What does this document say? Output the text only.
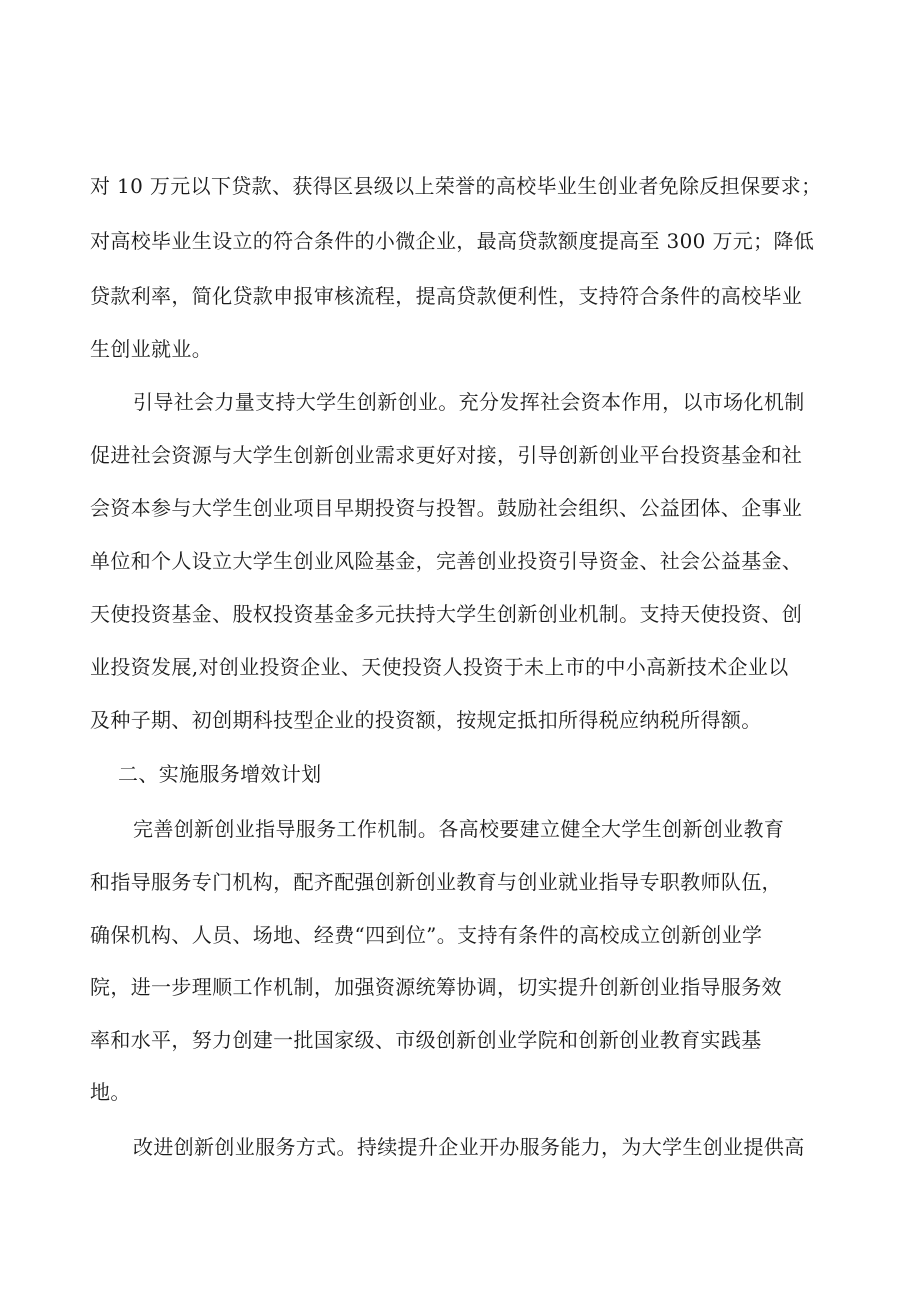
对 10 万元以下贷款、获得区县级以上荣誉的高校毕业生创业者免除反担保要求；
对高校毕业生设立的符合条件的小微企业，最高贷款额度提高至 300 万元；降低
贷款利率，简化贷款申报审核流程，提高贷款便利性，支持符合条件的高校毕业
生创业就业。
引导社会力量支持大学生创新创业。充分发挥社会资本作用，以市场化机制
促进社会资源与大学生创新创业需求更好对接，引导创新创业平台投资基金和社
会资本参与大学生创业项目早期投资与投智。鼓励社会组织、公益团体、企事业
单位和个人设立大学生创业风险基金，完善创业投资引导资金、社会公益基金、
天使投资基金、股权投资基金多元扶持大学生创新创业机制。支持天使投资、创
业投资发展,对创业投资企业、天使投资人投资于未上市的中小高新技术企业以
及种子期、初创期科技型企业的投资额，按规定抵扣所得税应纳税所得额。
二、实施服务增效计划
完善创新创业指导服务工作机制。各高校要建立健全大学生创新创业教育
和指导服务专门机构，配齐配强创新创业教育与创业就业指导专职教师队伍，
确保机构、人员、场地、经费“四到位”。支持有条件的高校成立创新创业学
院，进一步理顺工作机制，加强资源统筹协调，切实提升创新创业指导服务效
率和水平，努力创建一批国家级、市级创新创业学院和创新创业教育实践基
地。
改进创新创业服务方式。持续提升企业开办服务能力，为大学生创业提供高
